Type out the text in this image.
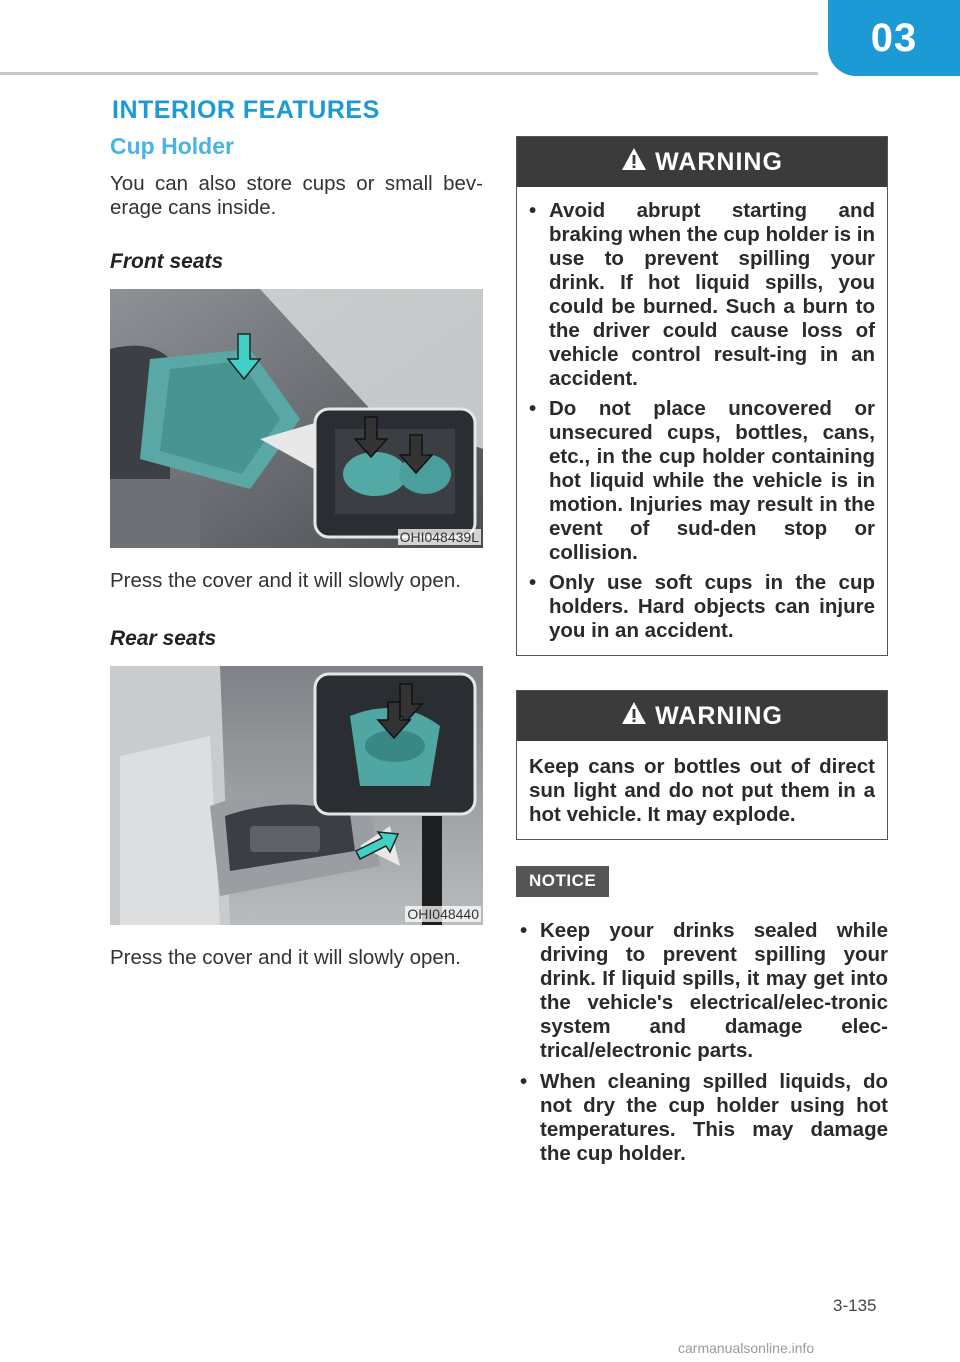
03
INTERIOR FEATURES
Cup Holder
You can also store cups or small bev-erage cans inside.
Front seats
OHI048439L
Press the cover and it will slowly open.
Rear seats
OHI048440
Press the cover and it will slowly open.
WARNING
• Avoid abrupt starting and braking when the cup holder is in use to prevent spilling your drink. If hot liquid spills, you could be burned. Such a burn to the driver could cause loss of vehicle control result-ing in an accident.
• Do not place uncovered or unsecured cups, bottles, cans, etc., in the cup holder containing hot liquid while the vehicle is in motion. Injuries may result in the event of sud-den stop or collision.
• Only use soft cups in the cup holders. Hard objects can injure you in an accident.
WARNING
Keep cans or bottles out of direct sun light and do not put them in a hot vehicle. It may explode.
NOTICE
• Keep your drinks sealed while driving to prevent spilling your drink. If liquid spills, it may get into the vehicle's electrical/elec-tronic system and damage elec-trical/electronic parts.
• When cleaning spilled liquids, do not dry the cup holder using hot temperatures. This may damage the cup holder.
3-135
carmanualsonline.info
